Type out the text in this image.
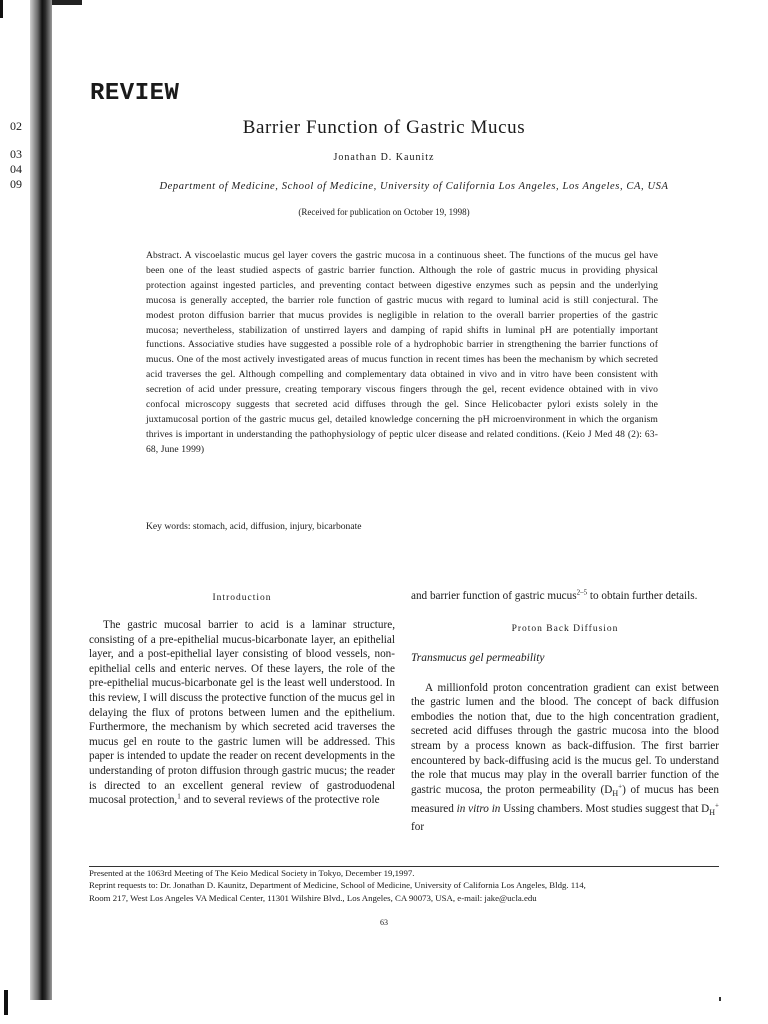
02
03
04
09
REVIEW
Barrier Function of Gastric Mucus
Jonathan D. Kaunitz
Department of Medicine, School of Medicine, University of California Los Angeles, Los Angeles, CA, USA
(Received for publication on October 19, 1998)
Abstract. A viscoelastic mucus gel layer covers the gastric mucosa in a continuous sheet. The functions of the mucus gel have been one of the least studied aspects of gastric barrier function. Although the role of gastric mucus in providing physical protection against ingested particles, and preventing contact between digestive enzymes such as pepsin and the underlying mucosa is generally accepted, the barrier role function of gastric mucus with regard to luminal acid is still conjectural. The modest proton diffusion barrier that mucus provides is negligible in relation to the overall barrier properties of the gastric mucosa; nevertheless, stabilization of unstirred layers and damping of rapid shifts in luminal pH are potentially important functions. Associative studies have suggested a possible role of a hydrophobic barrier in strengthening the barrier functions of mucus. One of the most actively investigated areas of mucus function in recent times has been the mechanism by which secreted acid traverses the gel. Although compelling and complementary data obtained in vivo and in vitro have been consistent with secretion of acid under pressure, creating temporary viscous fingers through the gel, recent evidence obtained with in vivo confocal microscopy suggests that secreted acid diffuses through the gel. Since Helicobacter pylori exists solely in the juxtamucosal portion of the gastric mucus gel, detailed knowledge concerning the pH microenvironment in which the organism thrives is important in understanding the pathophysiology of peptic ulcer disease and related conditions. (Keio J Med 48 (2): 63-68, June 1999)
Key words: stomach, acid, diffusion, injury, bicarbonate

Introduction

The gastric mucosal barrier to acid is a laminar structure, consisting of a pre-epithelial mucus-bicarbonate layer, an epithelial layer, and a post-epithelial layer consisting of blood vessels, non-epithelial cells and enteric nerves. Of these layers, the role of the pre-epithelial mucus-bicarbonate gel is the least well understood. In this review, I will discuss the protective function of the mucus gel in delaying the flux of protons between lumen and the epithelium. Furthermore, the mechanism by which secreted acid traverses the mucus gel en route to the gastric lumen will be addressed. This paper is intended to update the reader on recent developments in the understanding of proton diffusion through gastric mucus; the reader is directed to an excellent general review of gastroduodenal mucosal protection,$^1$ and to several reviews of the protective role

and barrier function of gastric mucus$^{2-5}$ to obtain further details.

Proton Back Diffusion

Transmucus gel permeability

A millionfold proton concentration gradient can exist between the gastric lumen and the blood. The concept of back diffusion embodies the notion that, due to the high concentration gradient, secreted acid diffuses through the gastric mucosa into the blood stream by a process known as back-diffusion. The first barrier encountered by back-diffusing acid is the mucus gel. To understand the role that mucus may play in the overall barrier function of the gastric mucosa, the proton permeability $(D_H^+)$ of mucus has been measured in vitro in Ussing chambers. Most studies suggest that $D_H^+$ for

Presented at the 1063rd Meeting of The Keio Medical Society in Tokyo, December 19,1997.
Reprint requests to: Dr. Jonathan D. Kaunitz, Department of Medicine, School of Medicine, University of California Los Angeles, Bldg. 114,
Room 217, West Los Angeles VA Medical Center, 11301 Wilshire Blvd., Los Angeles, CA 90073, USA, e-mail: jake@ucla.edu
63
